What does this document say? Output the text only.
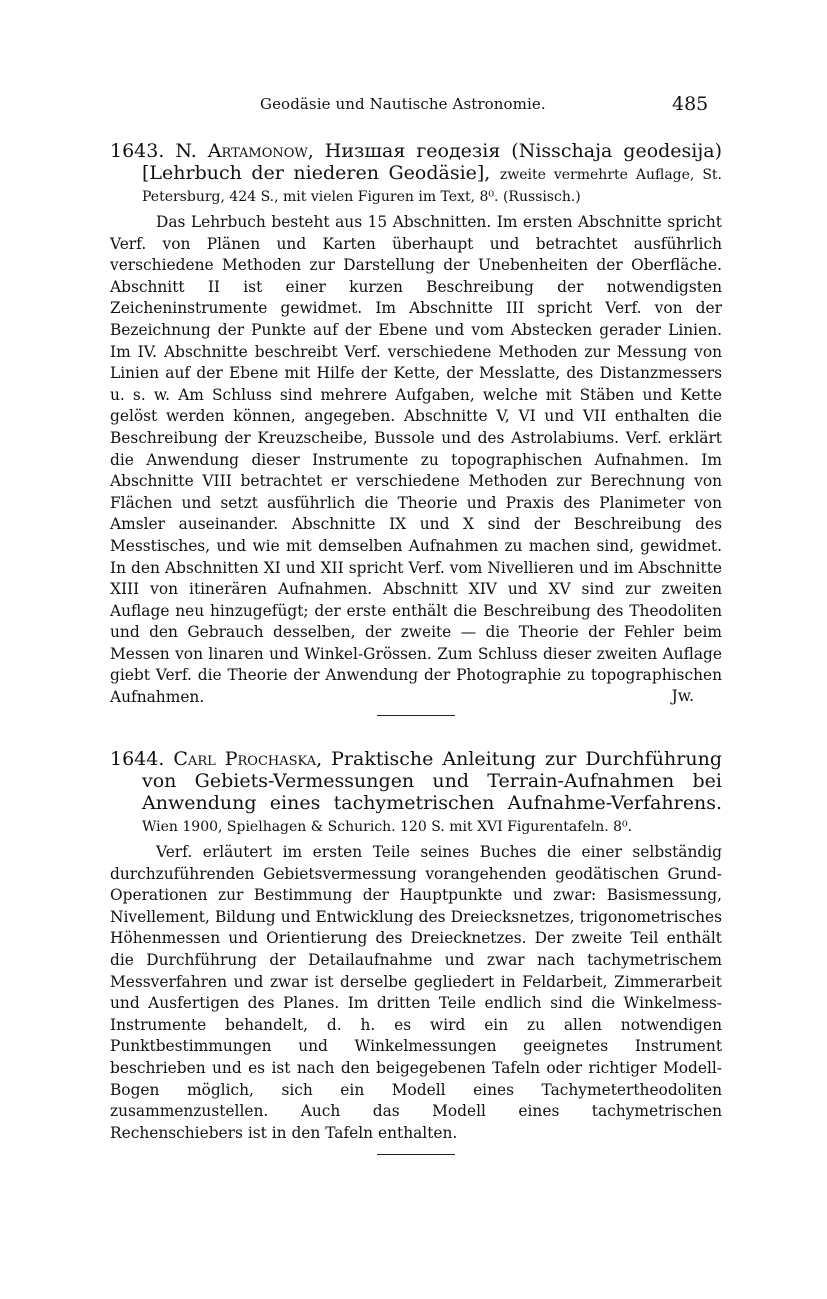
Geodäsie und Nautische Astronomie.	485

1643. N. Artamonow, Низшая геодезія (Nisschaja geodesija) [Lehrbuch der niederen Geodäsie], zweite vermehrte Auflage, St. Petersburg, 424 S., mit vielen Figuren im Text, 8⁰. (Russisch.)

Das Lehrbuch besteht aus 15 Abschnitten. Im ersten Abschnitte spricht Verf. von Plänen und Karten überhaupt und betrachtet ausführlich verschiedene Methoden zur Darstellung der Unebenheiten der Oberfläche. Abschnitt II ist einer kurzen Beschreibung der notwendigsten Zeicheninstrumente gewidmet. Im Abschnitte III spricht Verf. von der Bezeichnung der Punkte auf der Ebene und vom Abstecken gerader Linien. Im IV. Abschnitte beschreibt Verf. verschiedene Methoden zur Messung von Linien auf der Ebene mit Hilfe der Kette, der Messlatte, des Distanzmessers u. s. w. Am Schluss sind mehrere Aufgaben, welche mit Stäben und Kette gelöst werden können, angegeben. Abschnitte V, VI und VII enthalten die Beschreibung der Kreuzscheibe, Bussole und des Astrolabiums. Verf. erklärt die Anwendung dieser Instrumente zu topographischen Aufnahmen. Im Abschnitte VIII betrachtet er verschiedene Methoden zur Berechnung von Flächen und setzt ausführlich die Theorie und Praxis des Planimeter von Amsler auseinander. Abschnitte IX und X sind der Beschreibung des Messtisches, und wie mit demselben Aufnahmen zu machen sind, gewidmet. In den Abschnitten XI und XII spricht Verf. vom Nivellieren und im Abschnitte XIII von itinerären Aufnahmen. Abschnitt XIV und XV sind zur zweiten Auflage neu hinzugefügt; der erste enthält die Beschreibung des Theodoliten und den Gebrauch desselben, der zweite — die Theorie der Fehler beim Messen von linaren und Winkel-Grössen. Zum Schluss dieser zweiten Auflage giebt Verf. die Theorie der Anwendung der Photographie zu topographischen Aufnahmen.	Jw.

1644. Carl Prochaska, Praktische Anleitung zur Durchführung von Gebiets-Vermessungen und Terrain-Aufnahmen bei Anwendung eines tachymetrischen Aufnahme-Verfahrens. Wien 1900, Spielhagen & Schurich. 120 S. mit XVI Figurentafeln. 8⁰.

Verf. erläutert im ersten Teile seines Buches die einer selbständig durchzuführenden Gebietsvermessung vorangehenden geodätischen Grund-Operationen zur Bestimmung der Hauptpunkte und zwar: Basismessung, Nivellement, Bildung und Entwicklung des Dreiecksnetzes, trigonometrisches Höhenmessen und Orientierung des Dreiecknetzes. Der zweite Teil enthält die Durchführung der Detailaufnahme und zwar nach tachymetrischem Messverfahren und zwar ist derselbe gegliedert in Feldarbeit, Zimmerarbeit und Ausfertigen des Planes. Im dritten Teile endlich sind die Winkelmess-Instrumente behandelt, d. h. es wird ein zu allen notwendigen Punktbestimmungen und Winkelmessungen geeignetes Instrument beschrieben und es ist nach den beigegebenen Tafeln oder richtiger Modell-Bogen möglich, sich ein Modell eines Tachymetertheodoliten zusammenzustellen. Auch das Modell eines tachymetrischen Rechenschiebers ist in den Tafeln enthalten.
